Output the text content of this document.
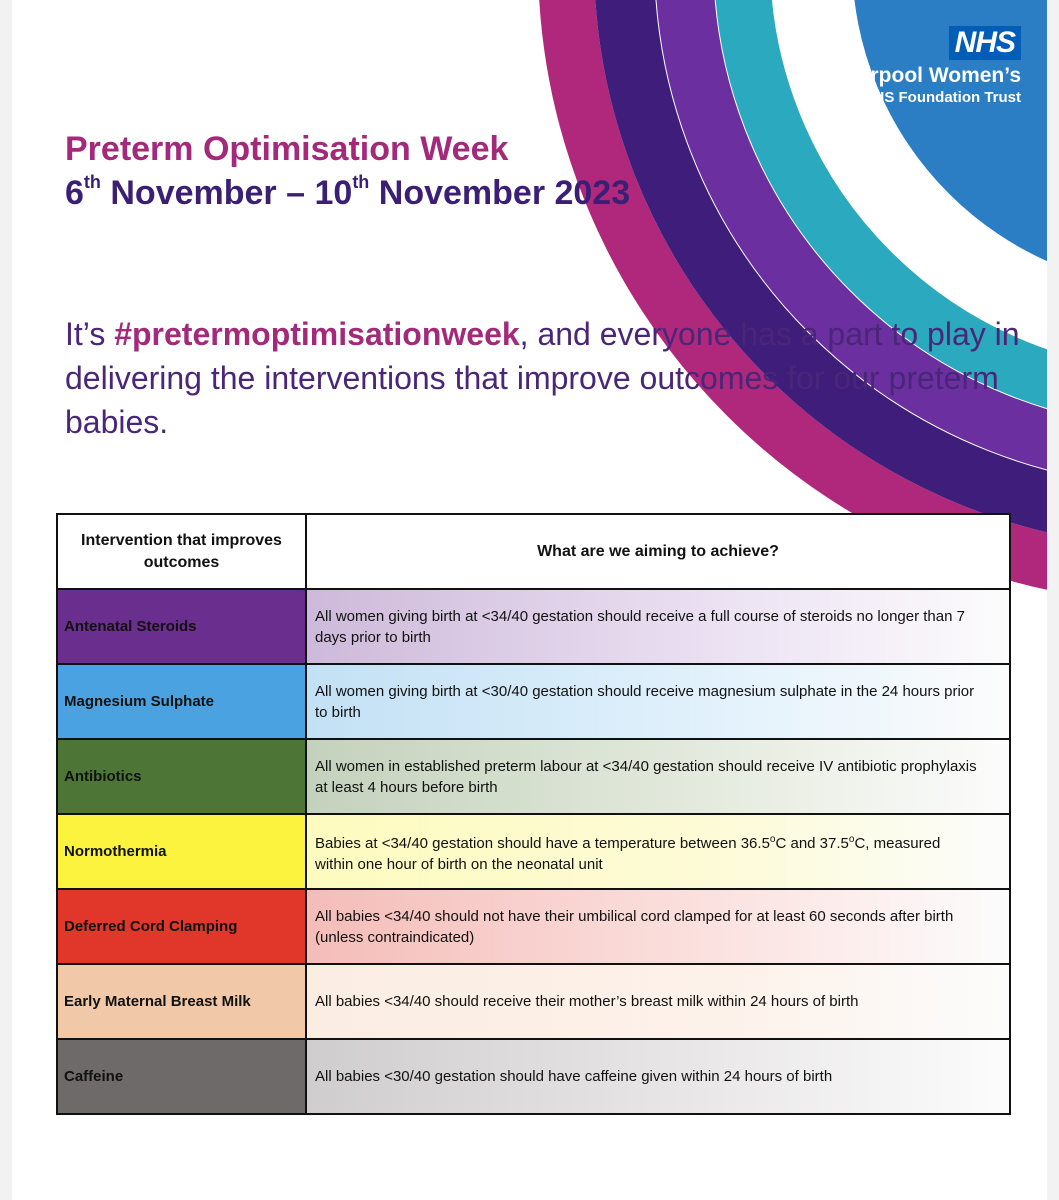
NHS
Liverpool Women’s
NHS Foundation Trust
Preterm Optimisation Week
6th November – 10th November 2023
It’s #pretermoptimisationweek, and everyone has a part to play in delivering the interventions that improve outcomes for our preterm babies.
Intervention that improves outcomes	What are we aiming to achieve?
Antenatal Steroids	All women giving birth at <34/40 gestation should receive a full course of steroids no longer than 7 days prior to birth
Magnesium Sulphate	All women giving birth at <30/40 gestation should receive magnesium sulphate in the 24 hours prior to birth
Antibiotics	All women in established preterm labour at <34/40 gestation should receive IV antibiotic prophylaxis at least 4 hours before birth
Normothermia	Babies at <34/40 gestation should have a temperature between 36.5$^o$C and 37.5$^o$C, measured within one hour of birth on the neonatal unit
Deferred Cord Clamping	All babies <34/40 should not have their umbilical cord clamped for at least 60 seconds after birth (unless contraindicated)
Early Maternal Breast Milk	All babies <34/40 should receive their mother’s breast milk within 24 hours of birth
Caffeine	All babies <30/40 gestation should have caffeine given within 24 hours of birth
